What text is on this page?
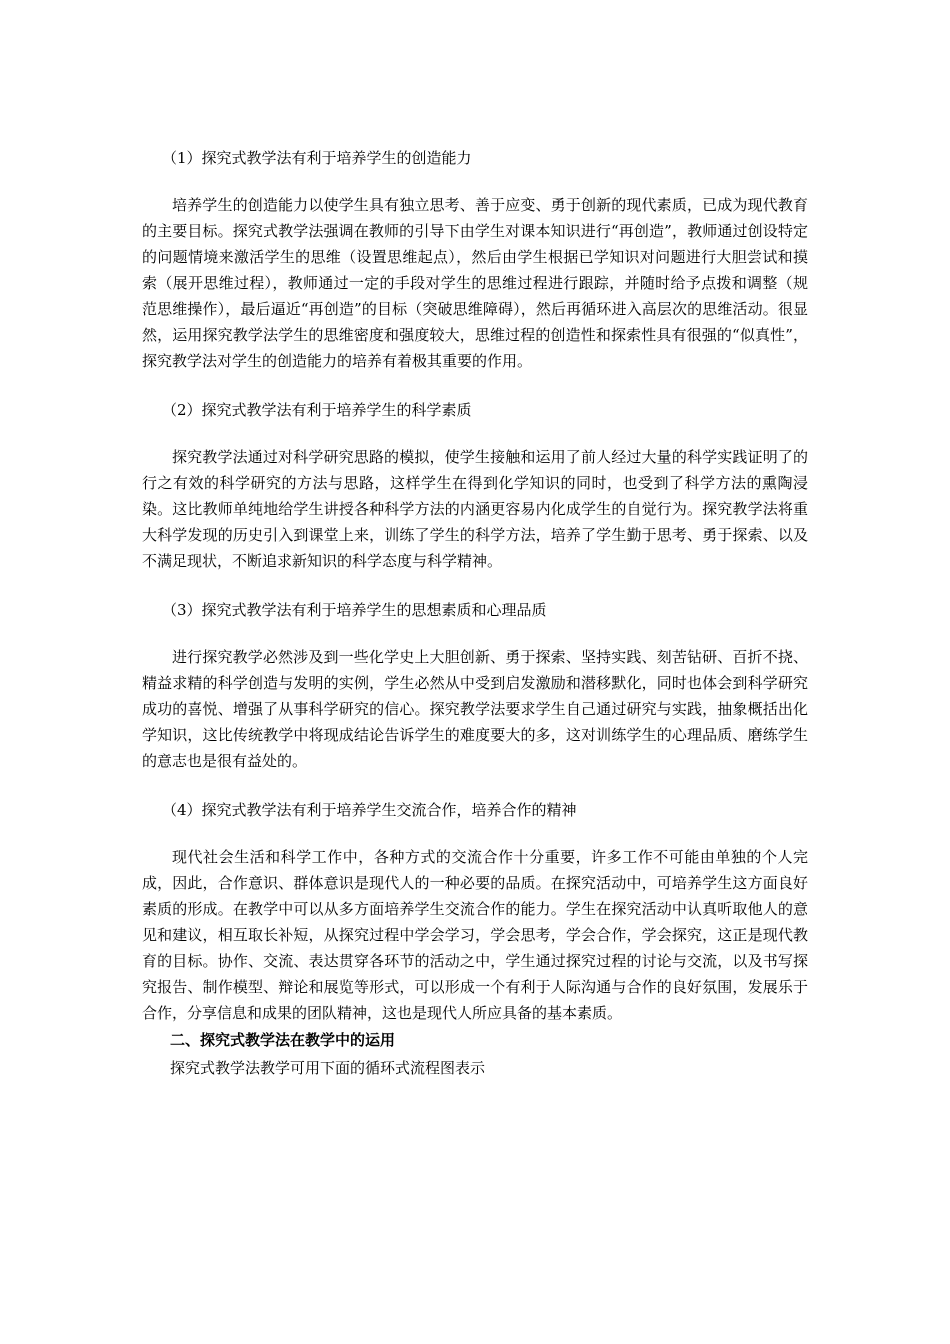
（1）探究式教学法有利于培养学生的创造能力

培养学生的创造能力以使学生具有独立思考、善于应变、勇于创新的现代素质，已成为现代教育的主要目标。探究式教学法强调在教师的引导下由学生对课本知识进行“再创造”，教师通过创设特定的问题情境来激活学生的思维（设置思维起点），然后由学生根据已学知识对问题进行大胆尝试和摸索（展开思维过程），教师通过一定的手段对学生的思维过程进行跟踪，并随时给予点拨和调整（规范思维操作），最后逼近“再创造”的目标（突破思维障碍），然后再循环进入高层次的思维活动。很显然，运用探究教学法学生的思维密度和强度较大，思维过程的创造性和探索性具有很强的“似真性”，探究教学法对学生的创造能力的培养有着极其重要的作用。

（2）探究式教学法有利于培养学生的科学素质

探究教学法通过对科学研究思路的模拟，使学生接触和运用了前人经过大量的科学实践证明了的行之有效的科学研究的方法与思路，这样学生在得到化学知识的同时，也受到了科学方法的熏陶浸染。这比教师单纯地给学生讲授各种科学方法的内涵更容易内化成学生的自觉行为。探究教学法将重大科学发现的历史引入到课堂上来，训练了学生的科学方法，培养了学生勤于思考、勇于探索、以及不满足现状，不断追求新知识的科学态度与科学精神。

（3）探究式教学法有利于培养学生的思想素质和心理品质

进行探究教学必然涉及到一些化学史上大胆创新、勇于探索、坚持实践、刻苦钻研、百折不挠、精益求精的科学创造与发明的实例，学生必然从中受到启发激励和潜移默化，同时也体会到科学研究成功的喜悦、增强了从事科学研究的信心。探究教学法要求学生自己通过研究与实践，抽象概括出化学知识，这比传统教学中将现成结论告诉学生的难度要大的多，这对训练学生的心理品质、磨练学生的意志也是很有益处的。

（4）探究式教学法有利于培养学生交流合作，培养合作的精神

现代社会生活和科学工作中，各种方式的交流合作十分重要，许多工作不可能由单独的个人完成，因此，合作意识、群体意识是现代人的一种必要的品质。在探究活动中，可培养学生这方面良好素质的形成。在教学中可以从多方面培养学生交流合作的能力。学生在探究活动中认真听取他人的意见和建议，相互取长补短，从探究过程中学会学习，学会思考，学会合作，学会探究，这正是现代教育的目标。协作、交流、表达贯穿各环节的活动之中，学生通过探究过程的讨论与交流，以及书写探究报告、制作模型、辩论和展览等形式，可以形成一个有利于人际沟通与合作的良好氛围，发展乐于合作，分享信息和成果的团队精神，这也是现代人所应具备的基本素质。

二、探究式教学法在教学中的运用

探究式教学法教学可用下面的循环式流程图表示
